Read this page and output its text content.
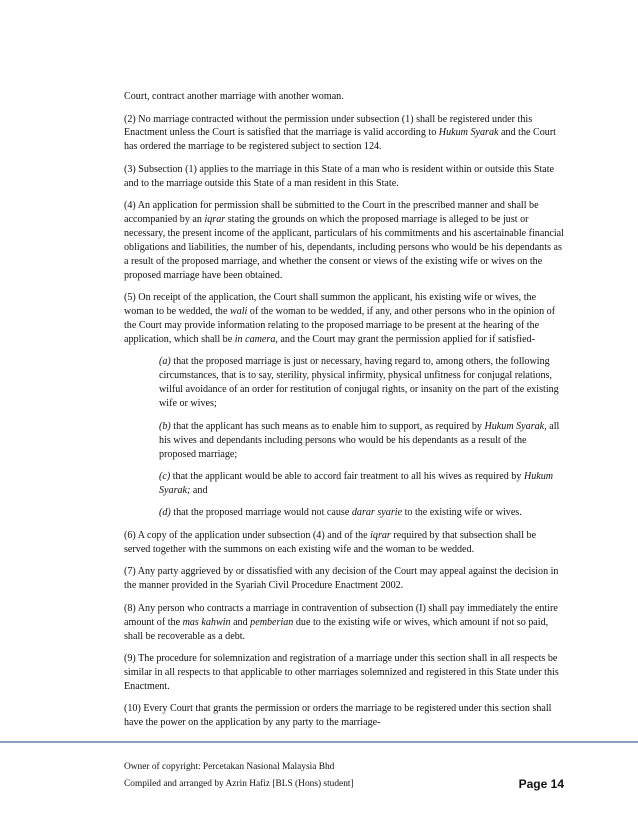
Court, contract another marriage with another woman.

(2) No marriage contracted without the permission under subsection (1) shall be registered under this Enactment unless the Court is satisfied that the marriage is valid according to Hukum Syarak and the Court has ordered the marriage to be registered subject to section 124.

(3) Subsection (1) applies to the marriage in this State of a man who is resident within or outside this State and to the marriage outside this State of a man resident in this State.

(4) An application for permission shall be submitted to the Court in the prescribed manner and shall be accompanied by an iqrar stating the grounds on which the proposed marriage is alleged to be just or necessary, the present income of the applicant, particulars of his commitments and his ascertainable financial obligations and liabilities, the number of his, dependants, including persons who would be his dependants as a result of the proposed marriage, and whether the consent or views of the existing wife or wives on the proposed marriage have been obtained.

(5) On receipt of the application, the Court shall summon the applicant, his existing wife or wives, the woman to be wedded, the wali of the woman to be wedded, if any, and other persons who in the opinion of the Court may provide information relating to the proposed marriage to be present at the hearing of the application, which shall be in camera, and the Court may grant the permission applied for if satisfied-

(a) that the proposed marriage is just or necessary, having regard to, among others, the following circumstances, that is to say, sterility, physical infirmity, physical unfitness for conjugal relations, wilful avoidance of an order for restitution of conjugal rights, or insanity on the part of the existing wife or wives;

(b) that the applicant has such means as to enable him to support, as required by Hukum Syarak, all his wives and dependants including persons who would be his dependants as a result of the proposed marriage;

(c) that the applicant would be able to accord fair treatment to all his wives as required by Hukum Syarak; and

(d) that the proposed marriage would not cause darar syarie to the existing wife or wives.

(6) A copy of the application under subsection (4) and of the iqrar required by that subsection shall be served together with the summons on each existing wife and the woman to be wedded.

(7) Any party aggrieved by or dissatisfied with any decision of the Court may appeal against the decision in the manner provided in the Syariah Civil Procedure Enactment 2002.

(8) Any person who contracts a marriage in contravention of subsection (I) shall pay immediately the entire amount of the mas kahwin and pemberian due to the existing wife or wives, which amount if not so paid, shall be recoverable as a debt.

(9) The procedure for solemnization and registration of a marriage under this section shall in all respects be similar in all respects to that applicable to other marriages solemnized and registered in this State under this Enactment.

(10) Every Court that grants the permission or orders the marriage to be registered under this section shall have the power on the application by any party to the marriage-

Owner of copyright: Percetakan Nasional Malaysia Bhd
Compiled and arranged by Azrin Hafiz [BLS (Hons) student]	Page 14
